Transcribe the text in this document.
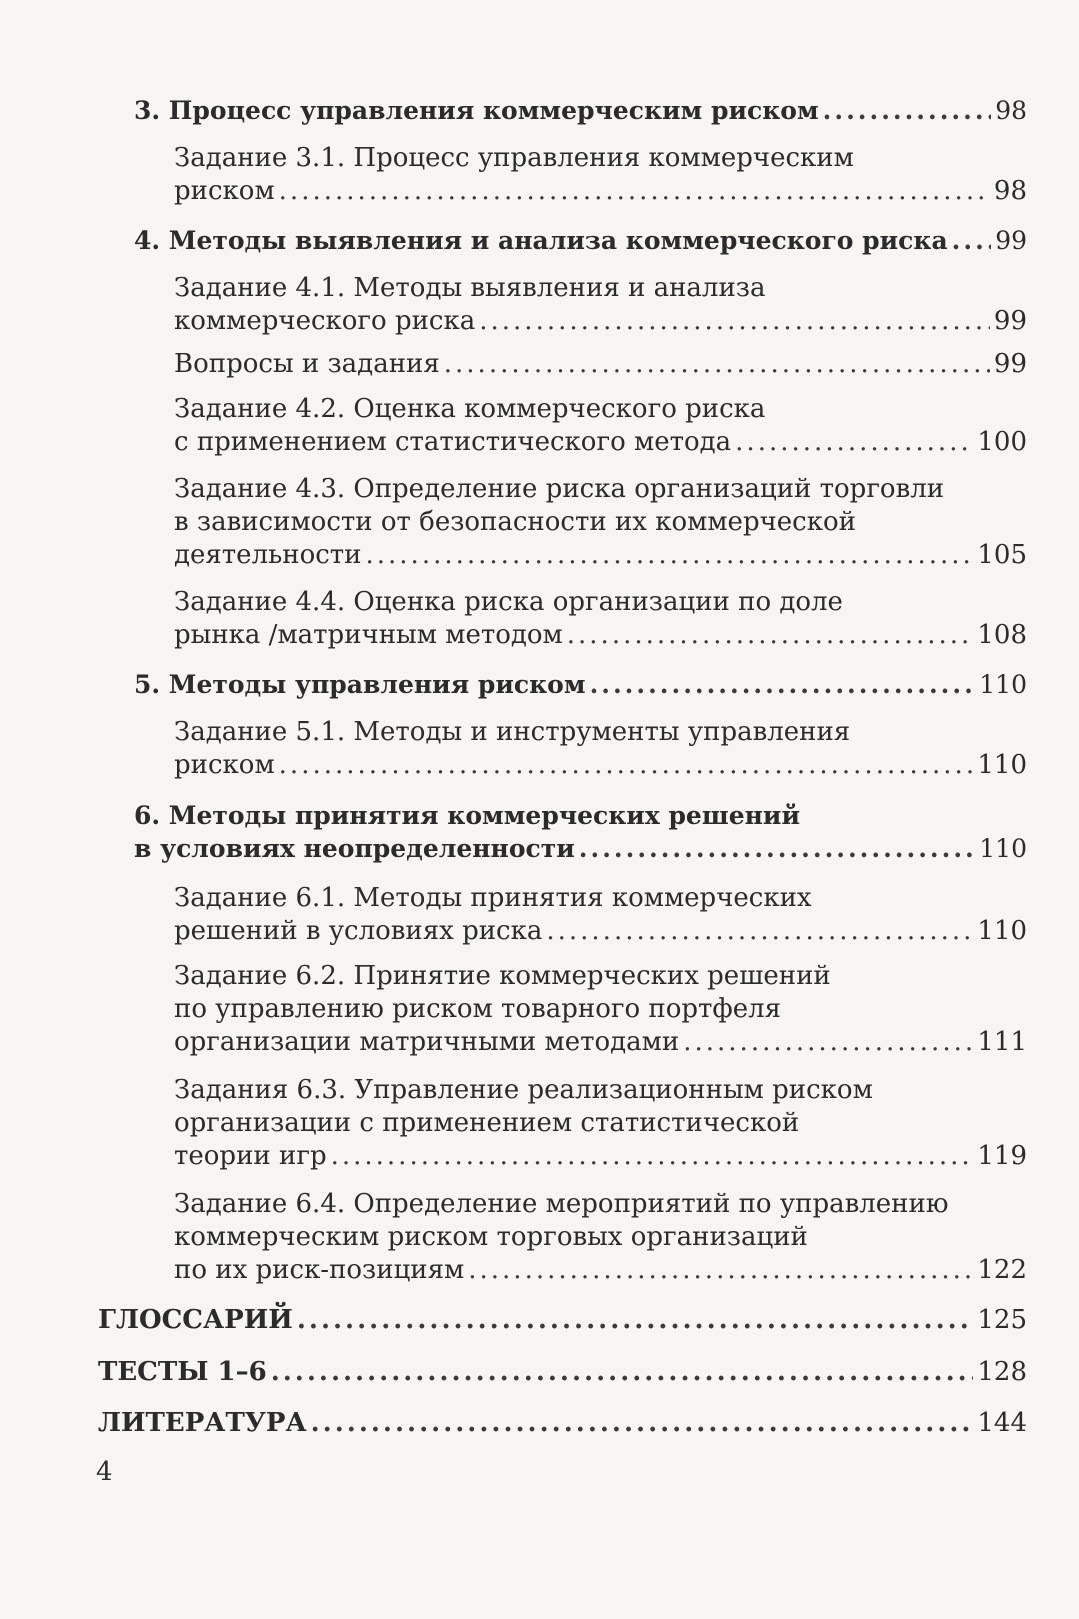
3. Процесс управления коммерческим риском .....	98
Задание 3.1. Процесс управления коммерческим
риском .....	98
4. Методы выявления и анализа коммерческого риска ..... 99
Задание 4.1. Методы выявления и анализа
коммерческого риска .....	99
Вопросы и задания .....	99
Задание 4.2. Оценка коммерческого риска
с применением статистического метода .....	100
Задание 4.3. Определение риска организаций торговли
в зависимости от безопасности их коммерческой
деятельности .....	105
Задание 4.4. Оценка риска организации по доле
рынка /матричным методом .....	108
5. Методы управления риском .....	110
Задание 5.1. Методы и инструменты управления
риском .....	110
6. Методы принятия коммерческих решений
в условиях неопределенности .....	110
Задание 6.1. Методы принятия коммерческих
решений в условиях риска .....	110
Задание 6.2. Принятие коммерческих решений
по управлению риском товарного портфеля
организации матричными методами .....	111
Задания 6.3. Управление реализационным риском
организации с применением статистической
теории игр .....	119
Задание 6.4. Определение мероприятий по управлению
коммерческим риском торговых организаций
по их риск-позициям .....	122
ГЛОССАРИЙ .....	125
ТЕСТЫ 1–6 .....	128
ЛИТЕРАТУРА .....	144
4
